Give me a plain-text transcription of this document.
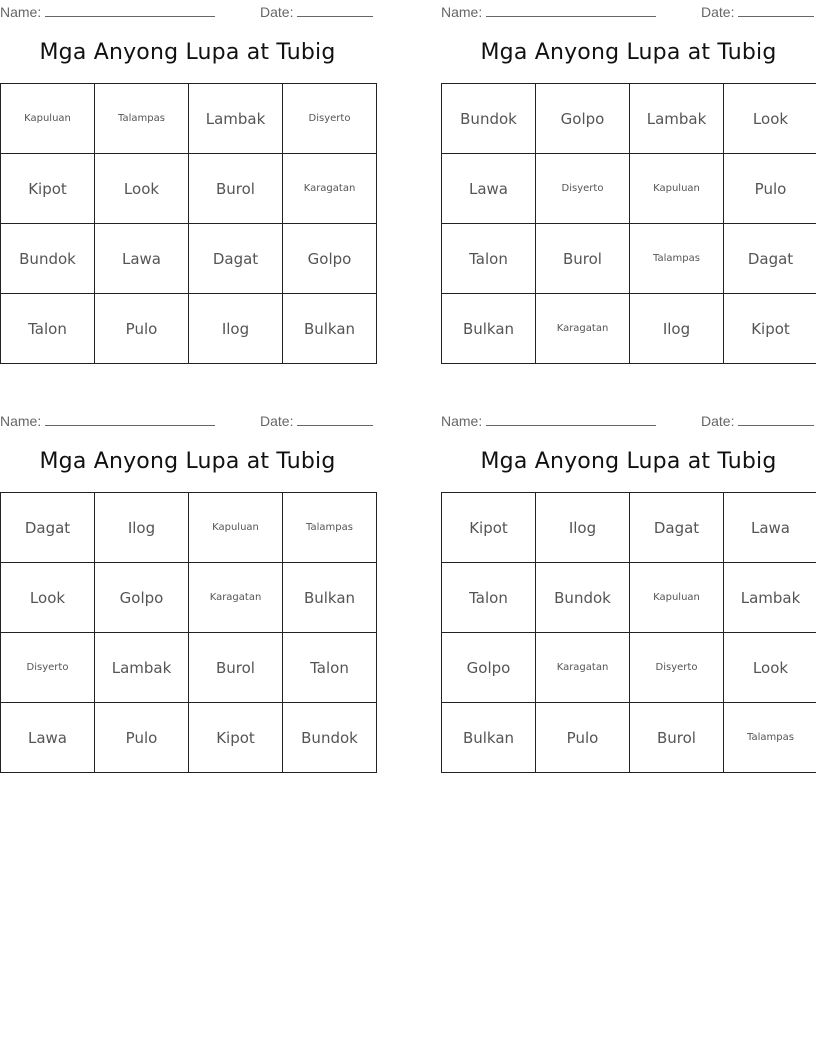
Name:	Date:
Mga Anyong Lupa at Tubig
Kapuluan	Talampas	Lambak	Disyerto
Kipot	Look	Burol	Karagatan
Bundok	Lawa	Dagat	Golpo
Talon	Pulo	Ilog	Bulkan
Name:	Date:
Mga Anyong Lupa at Tubig
Bundok	Golpo	Lambak	Look
Lawa	Disyerto	Kapuluan	Pulo
Talon	Burol	Talampas	Dagat
Bulkan	Karagatan	Ilog	Kipot
Name:	Date:
Mga Anyong Lupa at Tubig
Dagat	Ilog	Kapuluan	Talampas
Look	Golpo	Karagatan	Bulkan
Disyerto	Lambak	Burol	Talon
Lawa	Pulo	Kipot	Bundok
Name:	Date:
Mga Anyong Lupa at Tubig
Kipot	Ilog	Dagat	Lawa
Talon	Bundok	Kapuluan	Lambak
Golpo	Karagatan	Disyerto	Look
Bulkan	Pulo	Burol	Talampas
